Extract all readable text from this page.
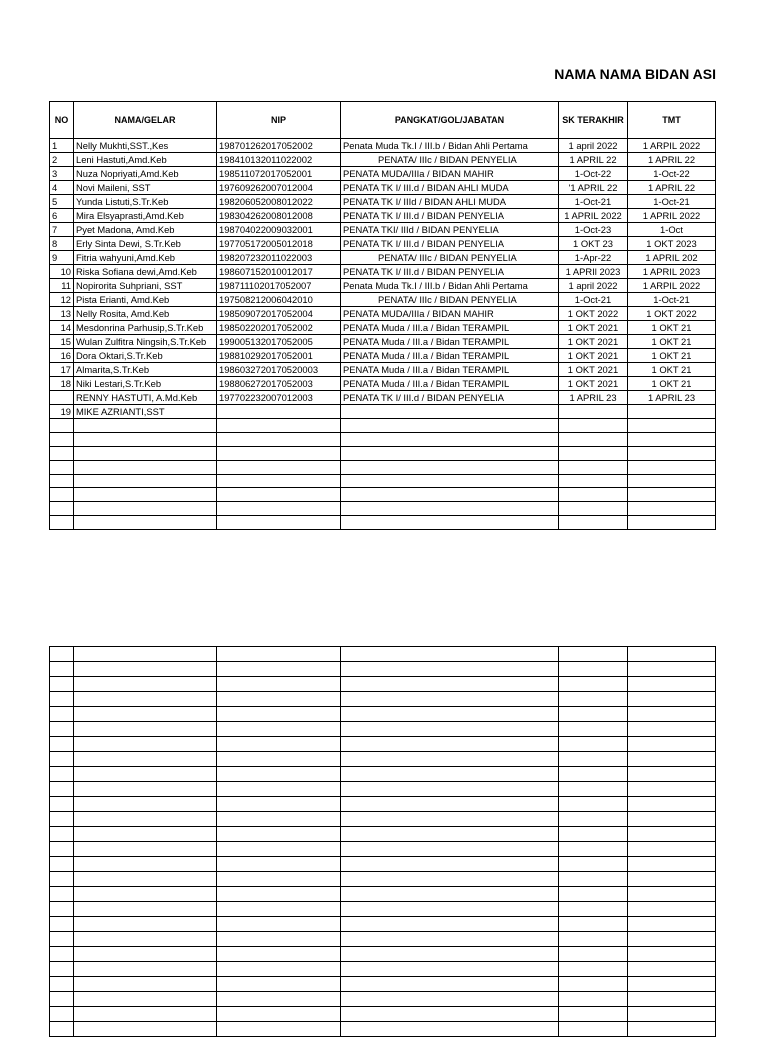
NAMA NAMA BIDAN ASI
NO	NAMA/GELAR	NIP	PANGKAT/GOL/JABATAN	SK TERAKHIR	TMT
1	Nelly Mukhti,SST.,Kes	198701262017052002	Penata Muda Tk.I / III.b / Bidan Ahli Pertama	1 april 2022	1 ARPIL 2022
2	Leni Hastuti,Amd.Keb	198410132011022002	PENATA/ IIIc / BIDAN PENYELIA	1 APRIL 22	1 APRIL 22
3	Nuza Nopriyati,Amd.Keb	198511072017052001	PENATA MUDA/IIIa / BIDAN MAHIR	1-Oct-22	1-Oct-22
4	Novi Maileni, SST	197609262007012004	PENATA TK I/ III.d / BIDAN AHLI MUDA	'1 APRIL 22	1 APRIL 22
5	Yunda Listuti,S.Tr.Keb	198206052008012022	PENATA TK I/ IIId / BIDAN AHLI MUDA	1-Oct-21	1-Oct-21
6	Mira Elsyaprasti,Amd.Keb	198304262008012008	PENATA TK I/ III.d / BIDAN PENYELIA	1 APRIL 2022	1 APRIL 2022
7	Pyet Madona, Amd.Keb	198704022009032001	PENATA TKI/ IIId / BIDAN PENYELIA	1-Oct-23	1-Oct
8	Erly Sinta Dewi, S.Tr.Keb	197705172005012018	PENATA TK I/ III.d / BIDAN PENYELIA	1 OKT 23	1 OKT 2023
9	Fitria wahyuni,Amd.Keb	198207232011022003	PENATA/ IIIc / BIDAN PENYELIA	1-Apr-22	1 APRIL 202
10	Riska Sofiana dewi,Amd.Keb	198607152010012017	PENATA TK I/ III.d / BIDAN PENYELIA	1 APRIl 2023	1 APRIL 2023
11	Nopirorita Suhpriani, SST	198711102017052007	Penata Muda Tk.I / III.b / Bidan Ahli Pertama	1 april 2022	1 ARPIL 2022
12	Pista Erianti, Amd.Keb	197508212006042010	PENATA/ IIIc / BIDAN PENYELIA	1-Oct-21	1-Oct-21
13	Nelly Rosita, Amd.Keb	198509072017052004	PENATA MUDA/IIIa / BIDAN MAHIR	1 OKT 2022	1 OKT 2022
14	Mesdonrina Parhusip,S.Tr.Keb	198502202017052002	PENATA Muda / III.a / Bidan TERAMPIL	1 OKT 2021	1 OKT 21
15	Wulan Zulfitra Ningsih,S.Tr.Keb	199005132017052005	PENATA Muda / III.a / Bidan TERAMPIL	1 OKT 2021	1 OKT 21
16	Dora Oktari,S.Tr.Keb	198810292017052001	PENATA Muda / III.a / Bidan TERAMPIL	1 OKT 2021	1 OKT 21
17	Almarita,S.Tr.Keb	1986032720170520003	PENATA Muda / III.a / Bidan TERAMPIL	1 OKT 2021	1 OKT 21
18	Niki Lestari,S.Tr.Keb	198806272017052003	PENATA Muda / III.a / Bidan TERAMPIL	1 OKT 2021	1 OKT 21
	RENNY HASTUTI, A.Md.Keb	197702232007012003	PENATA TK I/ III.d / BIDAN PENYELIA	1 APRIL 23	1 APRIL 23
19	MIKE AZRIANTI,SST				
